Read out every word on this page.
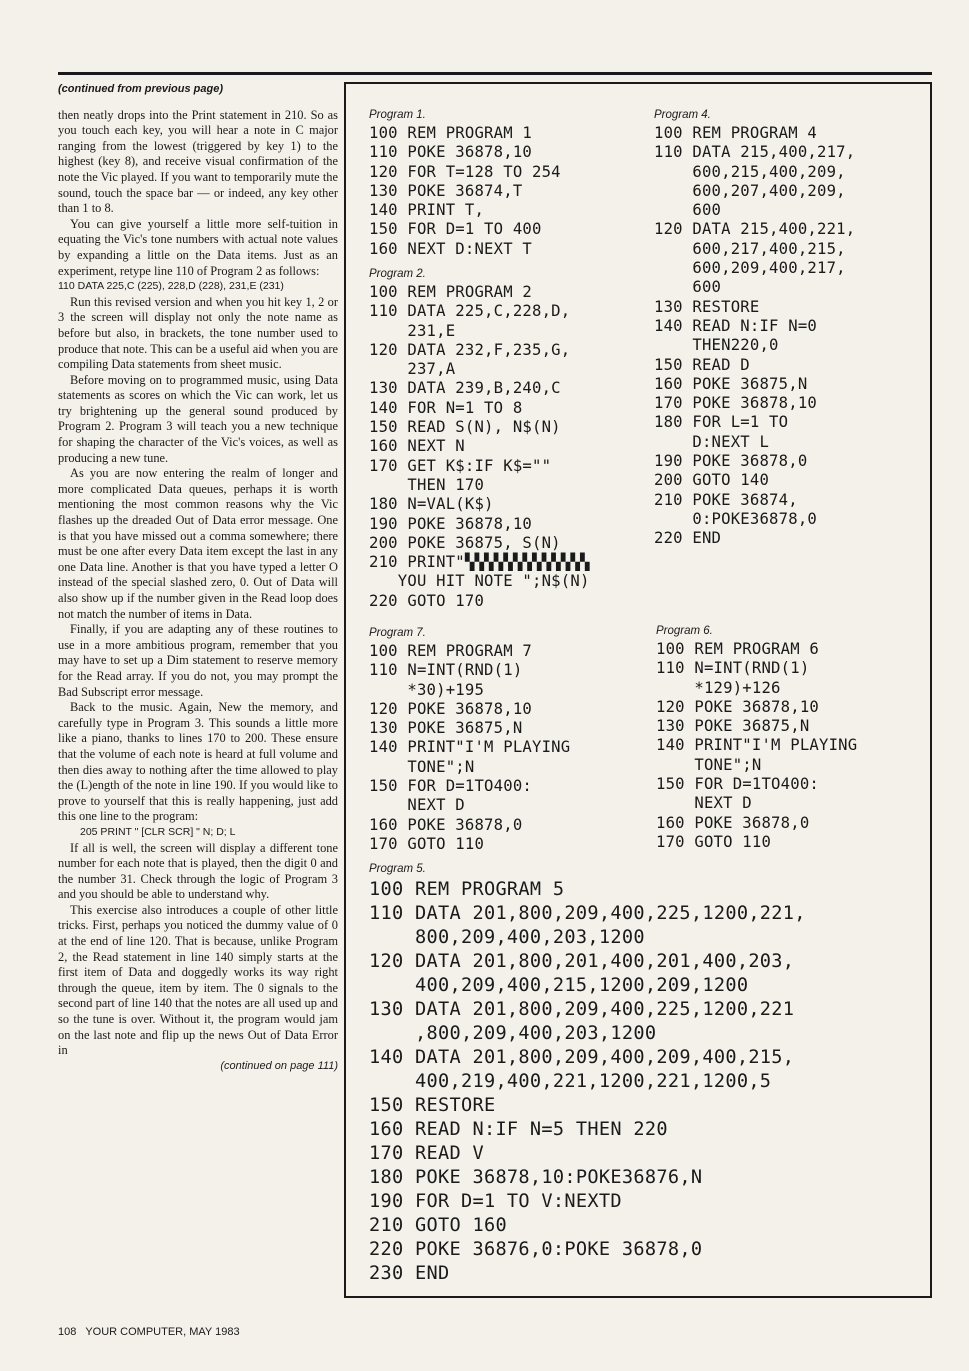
(continued from previous page)

then neatly drops into the Print statement in 210. So as you touch each key, you will hear a note in C major ranging from the lowest (triggered by key 1) to the highest (key 8), and receive visual confirmation of the note the Vic played. If you want to temporarily mute the sound, touch the space bar — or indeed, any key other than 1 to 8.

You can give yourself a little more self-tuition in equating the Vic's tone numbers with actual note values by expanding a little on the Data items. Just as an experiment, retype line 110 of Program 2 as follows:

110 DATA 225,C (225), 228,D (228), 231,E (231)

Run this revised version and when you hit key 1, 2 or 3 the screen will display not only the note name as before but also, in brackets, the tone number used to produce that note. This can be a useful aid when you are compiling Data statements from sheet music.

Before moving on to programmed music, using Data statements as scores on which the Vic can work, let us try brightening up the general sound produced by Program 2. Program 3 will teach you a new technique for shaping the character of the Vic's voices, as well as producing a new tune.

As you are now entering the realm of longer and more complicated Data queues, perhaps it is worth mentioning the most common reasons why the Vic flashes up the dreaded Out of Data error message. One is that you have missed out a comma somewhere; there must be one after every Data item except the last in any one Data line. Another is that you have typed a letter O instead of the special slashed zero, 0. Out of Data will also show up if the number given in the Read loop does not match the number of items in Data.

Finally, if you are adapting any of these routines to use in a more ambitious program, remember that you may have to set up a Dim statement to reserve memory for the Read array. If you do not, you may prompt the Bad Subscript error message.

Back to the music. Again, New the memory, and carefully type in Program 3. This sounds a little more like a piano, thanks to lines 170 to 200. These ensure that the volume of each note is heard at full volume and then dies away to nothing after the time allowed to play the (L)ength of the note in line 190. If you would like to prove to yourself that this is really happening, just add this one line to the program:

205 PRINT " [CLR SCR] " N; D; L

If all is well, the screen will display a different tone number for each note that is played, then the digit 0 and the number 31. Check through the logic of Program 3 and you should be able to understand why.

This exercise also introduces a couple of other little tricks. First, perhaps you noticed the dummy value of 0 at the end of line 120. That is because, unlike Program 2, the Read statement in line 140 simply starts at the first item of Data and doggedly works its way right through the queue, item by item. The 0 signals to the second part of line 140 that the notes are all used up and so the tune is over. Without it, the program would jam on the last note and flip up the news Out of Data Error in

(continued on page 111)

Program 1.
100 REM PROGRAM 1
110 POKE 36878,10
120 FOR T=128 TO 254
130 POKE 36874,T
140 PRINT T,
150 FOR D=1 TO 400
160 NEXT D:NEXT T
Program 2.
100 REM PROGRAM 2
110 DATA 225,C,228,D,
231,E
120 DATA 232,F,235,G,
237,A
130 DATA 239,B,240,C
140 FOR N=1 TO 8
150 READ S(N), N$(N)
160 NEXT N
170 GET K$:IF K$=""
THEN 170
180 N=VAL(K$)
190 POKE 36878,10
200 POKE 36875, S(N)
210 PRINT"▚▚▚▚▚▚▚▚▚▚▚▚▚
YOU HIT NOTE ";N$(N)
220 GOTO 170
Program 4.
100 REM PROGRAM 4
110 DATA 215,400,217,
600,215,400,209,
600,207,400,209,
600
120 DATA 215,400,221,
600,217,400,215,
600,209,400,217,
600
130 RESTORE
140 READ N:IF N=0
THEN220,0
150 READ D
160 POKE 36875,N
170 POKE 36878,10
180 FOR L=1 TO
D:NEXT L
190 POKE 36878,0
200 GOTO 140
210 POKE 36874,
0:POKE36878,0
220 END
Program 7.
100 REM PROGRAM 7
110 N=INT(RND(1)
*30)+195
120 POKE 36878,10
130 POKE 36875,N
140 PRINT"I'M PLAYING
TONE";N
150 FOR D=1TO400:
NEXT D
160 POKE 36878,0
170 GOTO 110
Program 6.
100 REM PROGRAM 6
110 N=INT(RND(1)
*129)+126
120 POKE 36878,10
130 POKE 36875,N
140 PRINT"I'M PLAYING
TONE";N
150 FOR D=1TO400:
NEXT D
160 POKE 36878,0
170 GOTO 110
Program 5.
100 REM PROGRAM 5
110 DATA 201,800,209,400,225,1200,221,
800,209,400,203,1200
120 DATA 201,800,201,400,201,400,203,
400,209,400,215,1200,209,1200
130 DATA 201,800,209,400,225,1200,221
,800,209,400,203,1200
140 DATA 201,800,209,400,209,400,215,
400,219,400,221,1200,221,1200,5
150 RESTORE
160 READ N:IF N=5 THEN 220
170 READ V
180 POKE 36878,10:POKE36876,N
190 FOR D=1 TO V:NEXTD
210 GOTO 160
220 POKE 36876,0:POKE 36878,0
230 END
108   YOUR COMPUTER, MAY 1983
